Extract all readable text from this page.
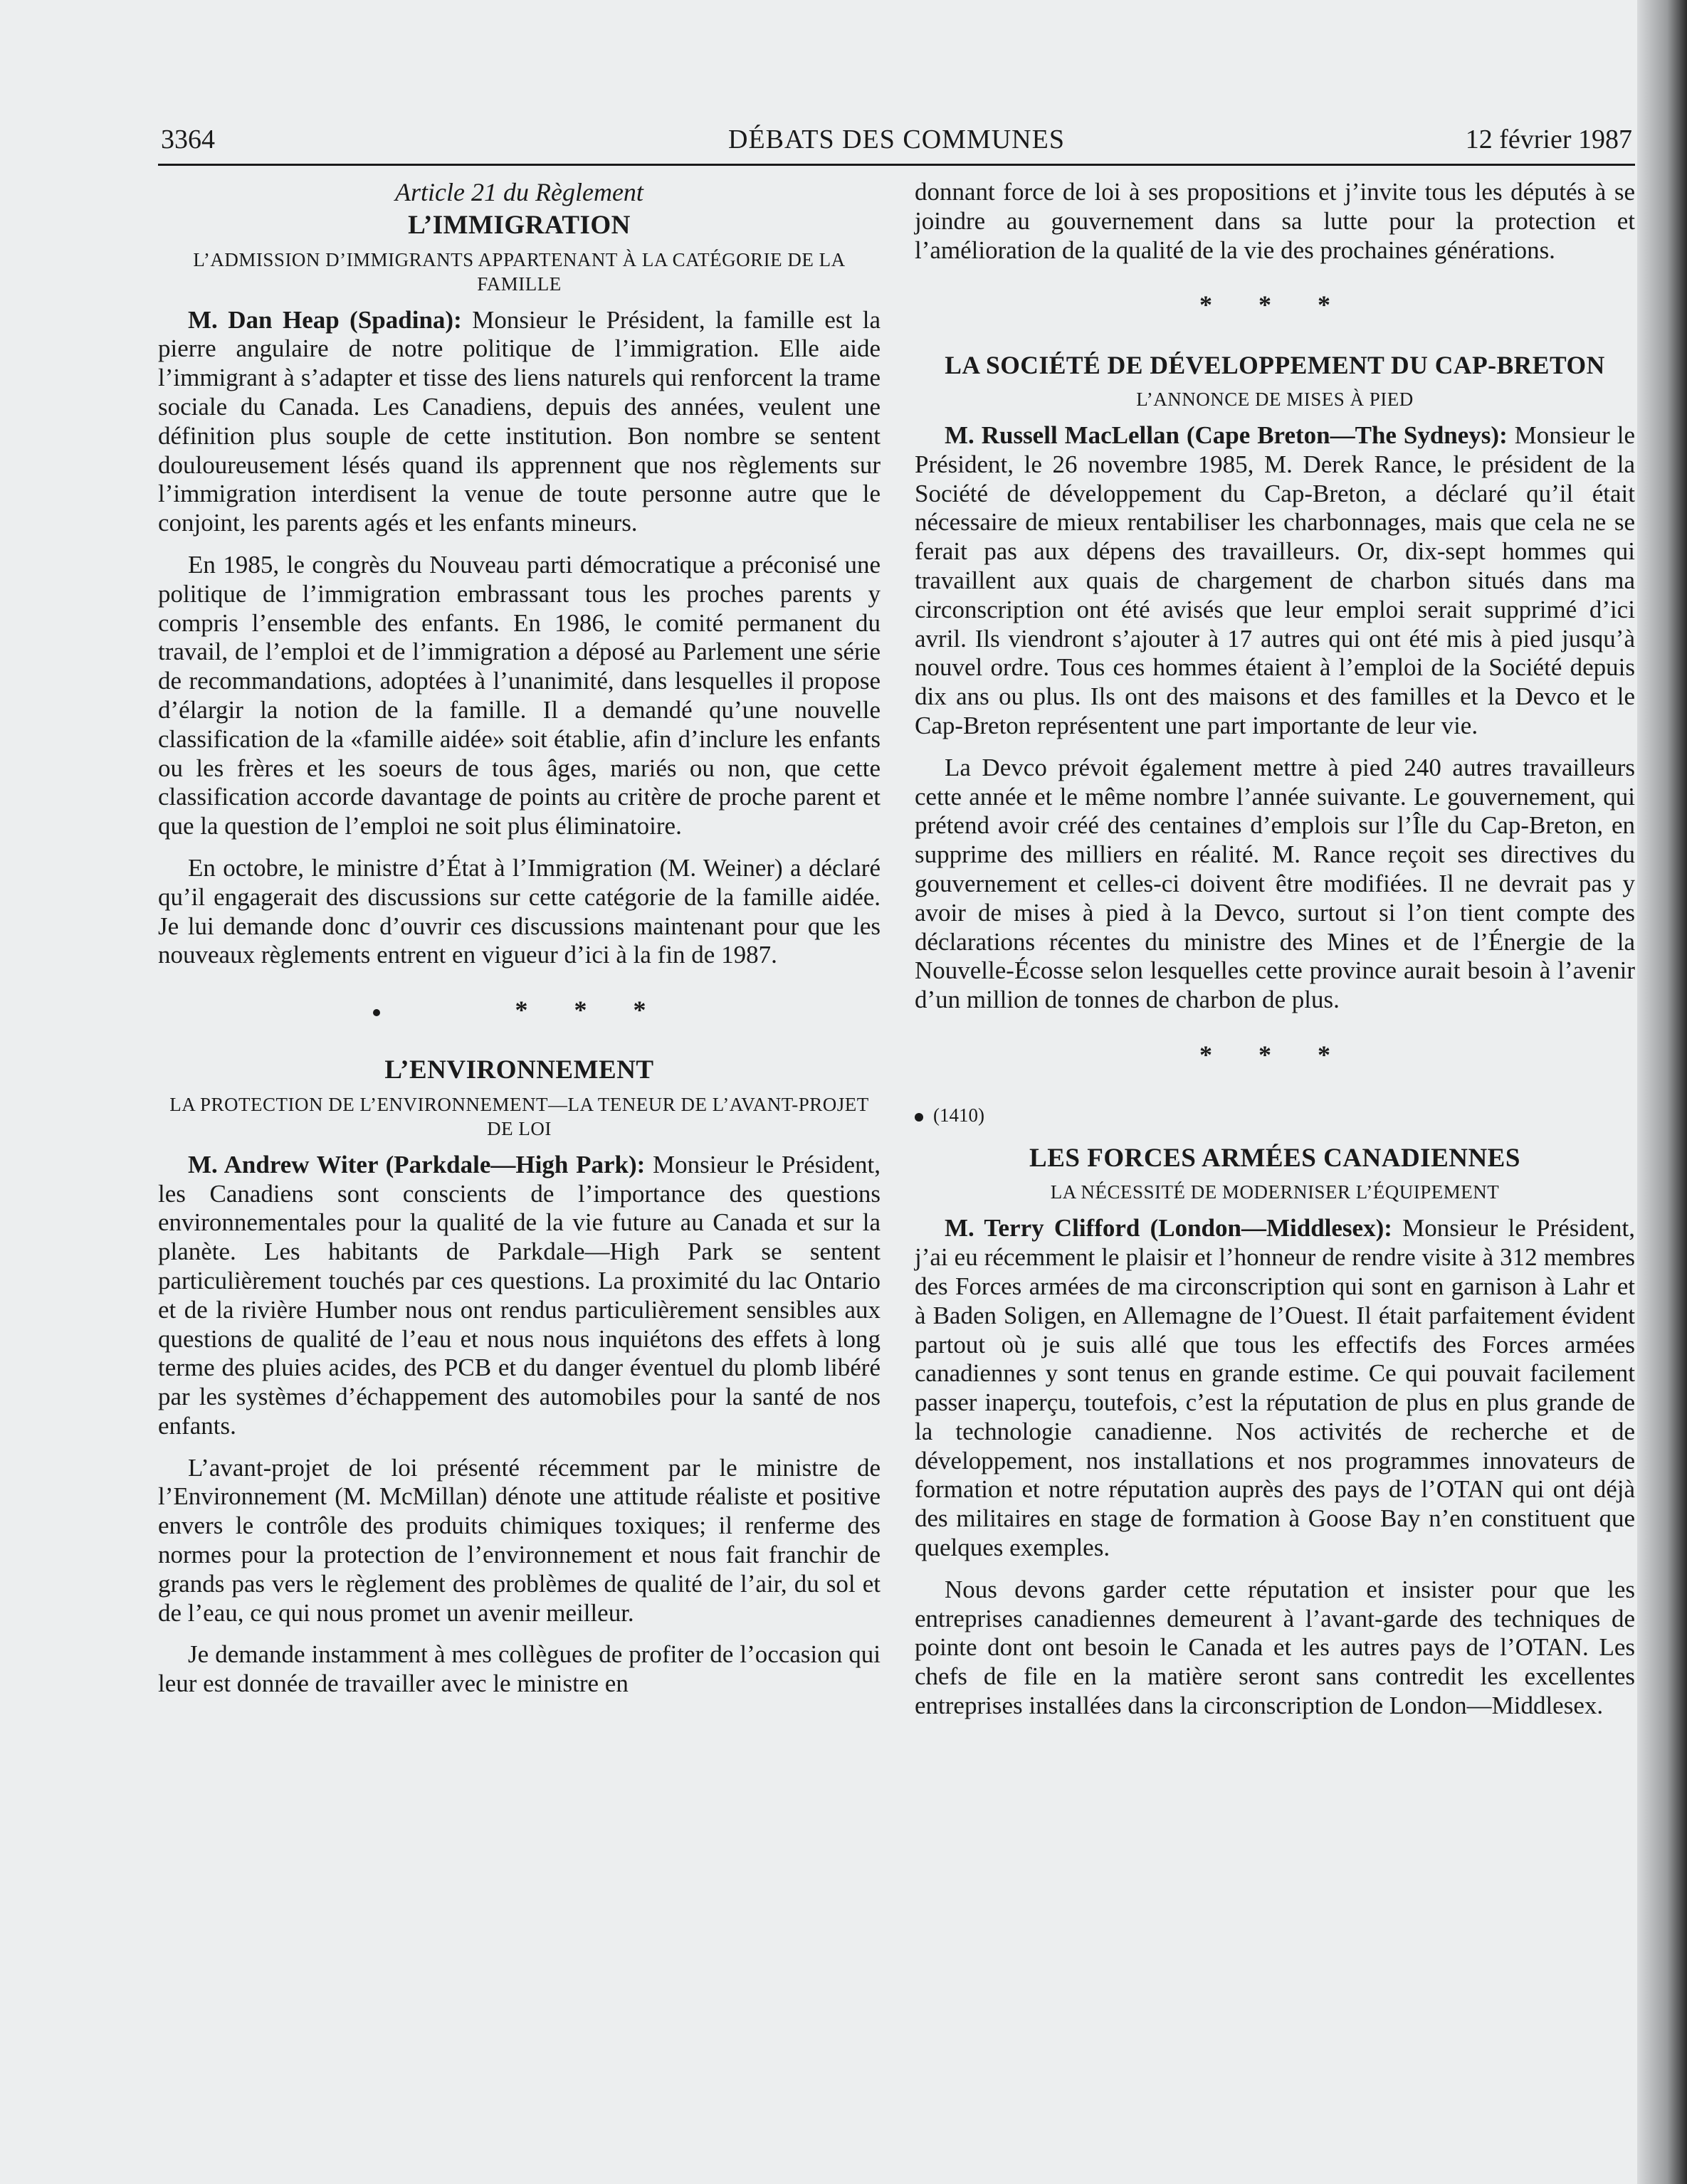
3364	DÉBATS DES COMMUNES	12 février 1987
Article 21 du Règlement
L’IMMIGRATION
L’ADMISSION D’IMMIGRANTS APPARTENANT À LA CATÉGORIE DE LA FAMILLE

M. Dan Heap (Spadina): Monsieur le Président, la famille est la pierre angulaire de notre politique de l’immigration. Elle aide l’immigrant à s’adapter et tisse des liens naturels qui renforcent la trame sociale du Canada. Les Canadiens, depuis des années, veulent une définition plus souple de cette institution. Bon nombre se sentent douloureusement lésés quand ils apprennent que nos règlements sur l’immigration interdisent la venue de toute personne autre que le conjoint, les parents agés et les enfants mineurs.

En 1985, le congrès du Nouveau parti démocratique a préconisé une politique de l’immigration embrassant tous les proches parents y compris l’ensemble des enfants. En 1986, le comité permanent du travail, de l’emploi et de l’immigration a déposé au Parlement une série de recommandations, adoptées à l’unanimité, dans lesquelles il propose d’élargir la notion de la famille. Il a demandé qu’une nouvelle classification de la «famille aidée» soit établie, afin d’inclure les enfants ou les frères et les soeurs de tous âges, mariés ou non, que cette classification accorde davantage de points au critère de proche parent et que la question de l’emploi ne soit plus éliminatoire.

En octobre, le ministre d’État à l’Immigration (M. Weiner) a déclaré qu’il engagerait des discussions sur cette catégorie de la famille aidée. Je lui demande donc d’ouvrir ces discussions maintenant pour que les nouveaux règlements entrent en vigueur d’ici à la fin de 1987.

* * *
L’ENVIRONNEMENT
LA PROTECTION DE L’ENVIRONNEMENT—LA TENEUR DE L’AVANT-PROJET DE LOI

M. Andrew Witer (Parkdale—High Park): Monsieur le Président, les Canadiens sont conscients de l’importance des questions environnementales pour la qualité de la vie future au Canada et sur la planète. Les habitants de Parkdale—High Park se sentent particulièrement touchés par ces questions. La proximité du lac Ontario et de la rivière Humber nous ont rendus particulièrement sensibles aux questions de qualité de l’eau et nous nous inquiétons des effets à long terme des pluies acides, des PCB et du danger éventuel du plomb libéré par les systèmes d’échappement des automobiles pour la santé de nos enfants.

L’avant-projet de loi présenté récemment par le ministre de l’Environnement (M. McMillan) dénote une attitude réaliste et positive envers le contrôle des produits chimiques toxiques; il renferme des normes pour la protection de l’environnement et nous fait franchir de grands pas vers le règlement des problèmes de qualité de l’air, du sol et de l’eau, ce qui nous promet un avenir meilleur.

Je demande instamment à mes collègues de profiter de l’occasion qui leur est donnée de travailler avec le ministre en

donnant force de loi à ses propositions et j’invite tous les députés à se joindre au gouvernement dans sa lutte pour la protection et l’amélioration de la qualité de la vie des prochaines générations.

* * *
LA SOCIÉTÉ DE DÉVELOPPEMENT DU CAP-BRETON
L’ANNONCE DE MISES À PIED

M. Russell MacLellan (Cape Breton—The Sydneys): Monsieur le Président, le 26 novembre 1985, M. Derek Rance, le président de la Société de développement du Cap-Breton, a déclaré qu’il était nécessaire de mieux rentabiliser les charbonnages, mais que cela ne se ferait pas aux dépens des travailleurs. Or, dix-sept hommes qui travaillent aux quais de chargement de charbon situés dans ma circonscription ont été avisés que leur emploi serait supprimé d’ici avril. Ils viendront s’ajouter à 17 autres qui ont été mis à pied jusqu’à nouvel ordre. Tous ces hommes étaient à l’emploi de la Société depuis dix ans ou plus. Ils ont des maisons et des familles et la Devco et le Cap-Breton représentent une part importante de leur vie.

La Devco prévoit également mettre à pied 240 autres travailleurs cette année et le même nombre l’année suivante. Le gouvernement, qui prétend avoir créé des centaines d’emplois sur l’Île du Cap-Breton, en supprime des milliers en réalité. M. Rance reçoit ses directives du gouvernement et celles-ci doivent être modifiées. Il ne devrait pas y avoir de mises à pied à la Devco, surtout si l’on tient compte des déclarations récentes du ministre des Mines et de l’Énergie de la Nouvelle-Écosse selon lesquelles cette province aurait besoin à l’avenir d’un million de tonnes de charbon de plus.

* * *
(1410)
LES FORCES ARMÉES CANADIENNES
LA NÉCESSITÉ DE MODERNISER L’ÉQUIPEMENT

M. Terry Clifford (London—Middlesex): Monsieur le Président, j’ai eu récemment le plaisir et l’honneur de rendre visite à 312 membres des Forces armées de ma circonscription qui sont en garnison à Lahr et à Baden Soligen, en Allemagne de l’Ouest. Il était parfaitement évident partout où je suis allé que tous les effectifs des Forces armées canadiennes y sont tenus en grande estime. Ce qui pouvait facilement passer inaperçu, toutefois, c’est la réputation de plus en plus grande de la technologie canadienne. Nos activités de recherche et de développement, nos installations et nos programmes innovateurs de formation et notre réputation auprès des pays de l’OTAN qui ont déjà des militaires en stage de formation à Goose Bay n’en constituent que quelques exemples.

Nous devons garder cette réputation et insister pour que les entreprises canadiennes demeurent à l’avant-garde des techniques de pointe dont ont besoin le Canada et les autres pays de l’OTAN. Les chefs de file en la matière seront sans contredit les excellentes entreprises installées dans la circonscription de London—Middlesex.
